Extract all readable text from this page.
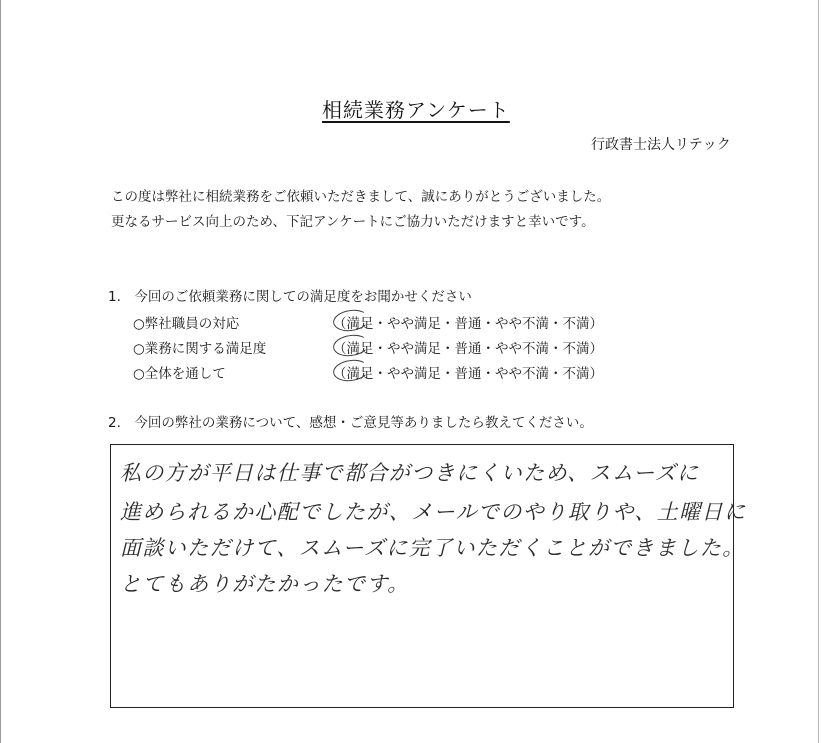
相続業務アンケート
行政書士法人リテック
この度は弊社に相続業務をご依頼いただきまして、誠にありがとうございました。
更なるサービス向上のため、下記アンケートにご協力いただけますと幸いです。
1.　今回のご依頼業務に関しての満足度をお聞かせください
○弊社職員の対応	（満足・やや満足・普通・やや不満・不満）
○業務に関する満足度	（満足・やや満足・普通・やや不満・不満）
○全体を通して	（満足・やや満足・普通・やや不満・不満）
2.　今回の弊社の業務について、感想・ご意見等ありましたら教えてください。
私の方が平日は仕事で都合がつきにくいため、スムーズに
進められるか心配でしたが、メールでのやり取りや、土曜日に
面談いただけて、スムーズに完了いただくことができました。
とてもありがたかったです。
